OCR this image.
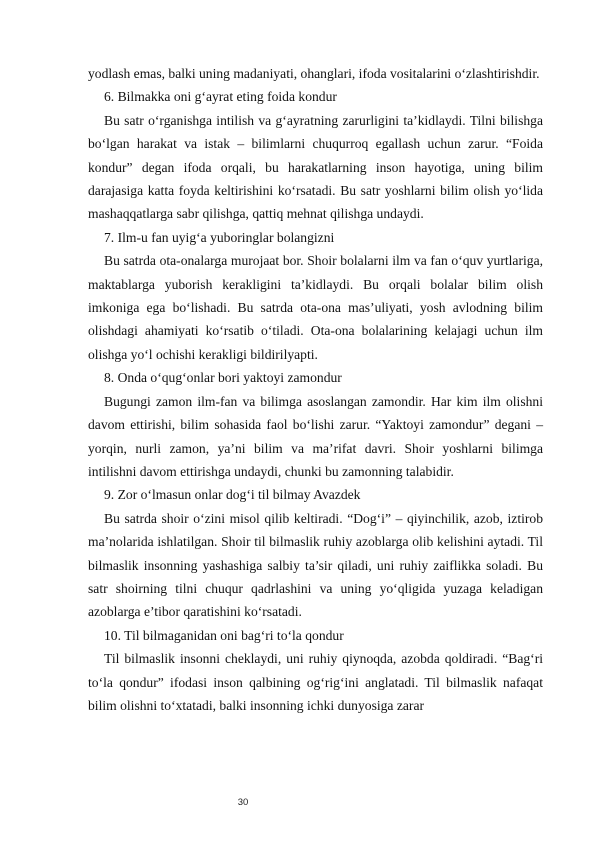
yodlash emas, balki uning madaniyati, ohanglari, ifoda vositalarini o‘zlashtirishdir.

6. Bilmakka oni g‘ayrat eting foida kondur

Bu satr o‘rganishga intilish va g‘ayratning zarurligini ta’kidlaydi. Tilni bilishga bo‘lgan harakat va istak – bilimlarni chuqurroq egallash uchun zarur. “Foida kondur” degan ifoda orqali, bu harakatlarning inson hayotiga, uning bilim darajasiga katta foyda keltirishini ko‘rsatadi. Bu satr yoshlarni bilim olish yo‘lida mashaqqatlarga sabr qilishga, qattiq mehnat qilishga undaydi.

7. Ilm-u fan uyig‘a yuboringlar bolangizni

Bu satrda ota-onalarga murojaat bor. Shoir bolalarni ilm va fan o‘quv yurtlariga, maktablarga yuborish kerakligini ta’kidlaydi. Bu orqali bolalar bilim olish imkoniga ega bo‘lishadi. Bu satrda ota-ona mas’uliyati, yosh avlodning bilim olishdagi ahamiyati ko‘rsatib o‘tiladi. Ota-ona bolalarining kelajagi uchun ilm olishga yo‘l ochishi kerakligi bildirilyapti.

8. Onda o‘qug‘onlar bori yaktoyi zamondur

Bugungi zamon ilm-fan va bilimga asoslangan zamondir. Har kim ilm olishni davom ettirishi, bilim sohasida faol bo‘lishi zarur. “Yaktoyi zamondur” degani – yorqin, nurli zamon, ya’ni bilim va ma’rifat davri. Shoir yoshlarni bilimga intilishni davom ettirishga undaydi, chunki bu zamonning talabidir.

9. Zor o‘lmasun onlar dog‘i til bilmay Avazdek

Bu satrda shoir o‘zini misol qilib keltiradi. “Dog‘i” – qiyinchilik, azob, iztirob ma’nolarida ishlatilgan. Shoir til bilmaslik ruhiy azoblarga olib kelishini aytadi. Til bilmaslik insonning yashashiga salbiy ta’sir qiladi, uni ruhiy zaiflikka soladi. Bu satr shoirning tilni chuqur qadrlashini va uning yo‘qligida yuzaga keladigan azoblarga e’tibor qaratishini ko‘rsatadi.

10. Til bilmaganidan oni bag‘ri to‘la qondur

Til bilmaslik insonni cheklaydi, uni ruhiy qiynoqda, azobda qoldiradi. “Bag‘ri to‘la qondur” ifodasi inson qalbining og‘rig‘ini anglatadi. Til bilmaslik nafaqat bilim olishni to‘xtatadi, balki insonning ichki dunyosiga zarar

30
